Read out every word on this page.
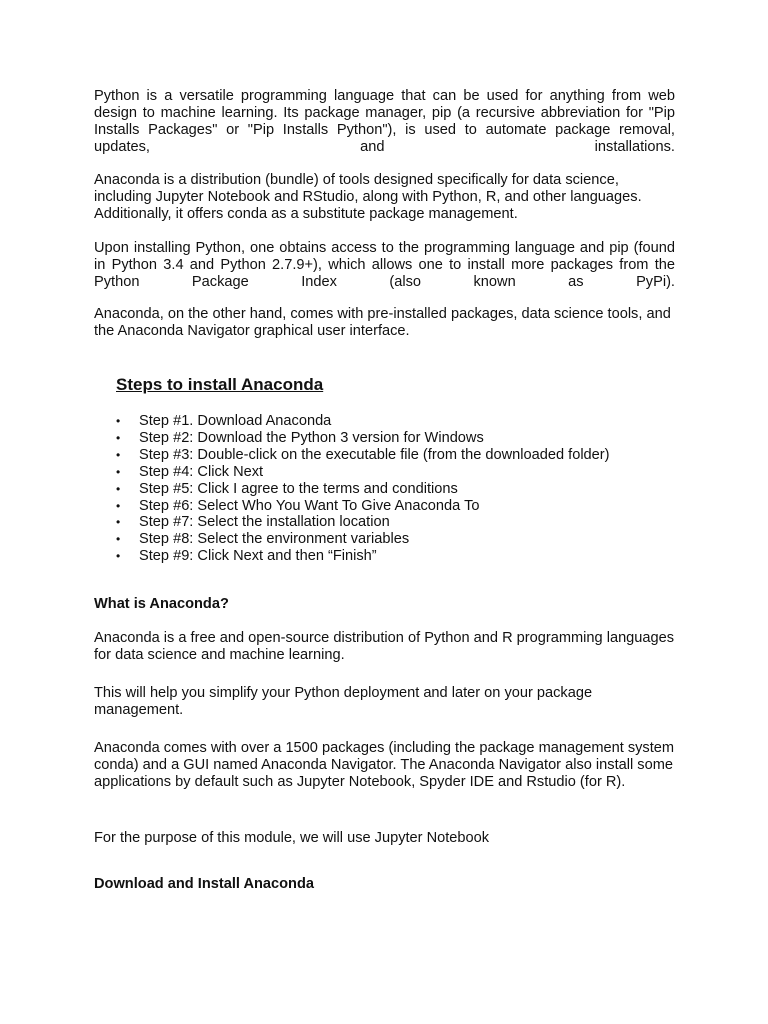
Python is a versatile programming language that can be used for anything from web design to machine learning. Its package manager, pip (a recursive abbreviation for "Pip Installs Packages" or "Pip Installs Python"), is used to automate package removal, updates, and installations.

Anaconda is a distribution (bundle) of tools designed specifically for data science, including Jupyter Notebook and RStudio, along with Python, R, and other languages. Additionally, it offers conda as a substitute package management.

Upon installing Python, one obtains access to the programming language and pip (found in Python 3.4 and Python 2.7.9+), which allows one to install more packages from the Python Package Index (also known as PyPi).

Anaconda, on the other hand, comes with pre-installed packages, data science tools, and the Anaconda Navigator graphical user interface.

Steps to install Anaconda
•	Step #1. Download Anaconda
•	Step #2: Download the Python 3 version for Windows
•	Step #3: Double-click on the executable file (from the downloaded folder)
•	Step #4: Click Next
•	Step #5: Click I agree to the terms and conditions
•	Step #6: Select Who You Want To Give Anaconda To
•	Step #7: Select the installation location
•	Step #8: Select the environment variables
•	Step #9: Click Next and then “Finish”
What is Anaconda?

Anaconda is a free and open-source distribution of Python and R programming languages for data science and machine learning.

This will help you simplify your Python deployment and later on your package management.

Anaconda comes with over a 1500 packages (including the package management system conda) and a GUI named Anaconda Navigator. The Anaconda Navigator also install some applications by default such as Jupyter Notebook, Spyder IDE and Rstudio (for R).

For the purpose of this module, we will use Jupyter Notebook

Download and Install Anaconda
